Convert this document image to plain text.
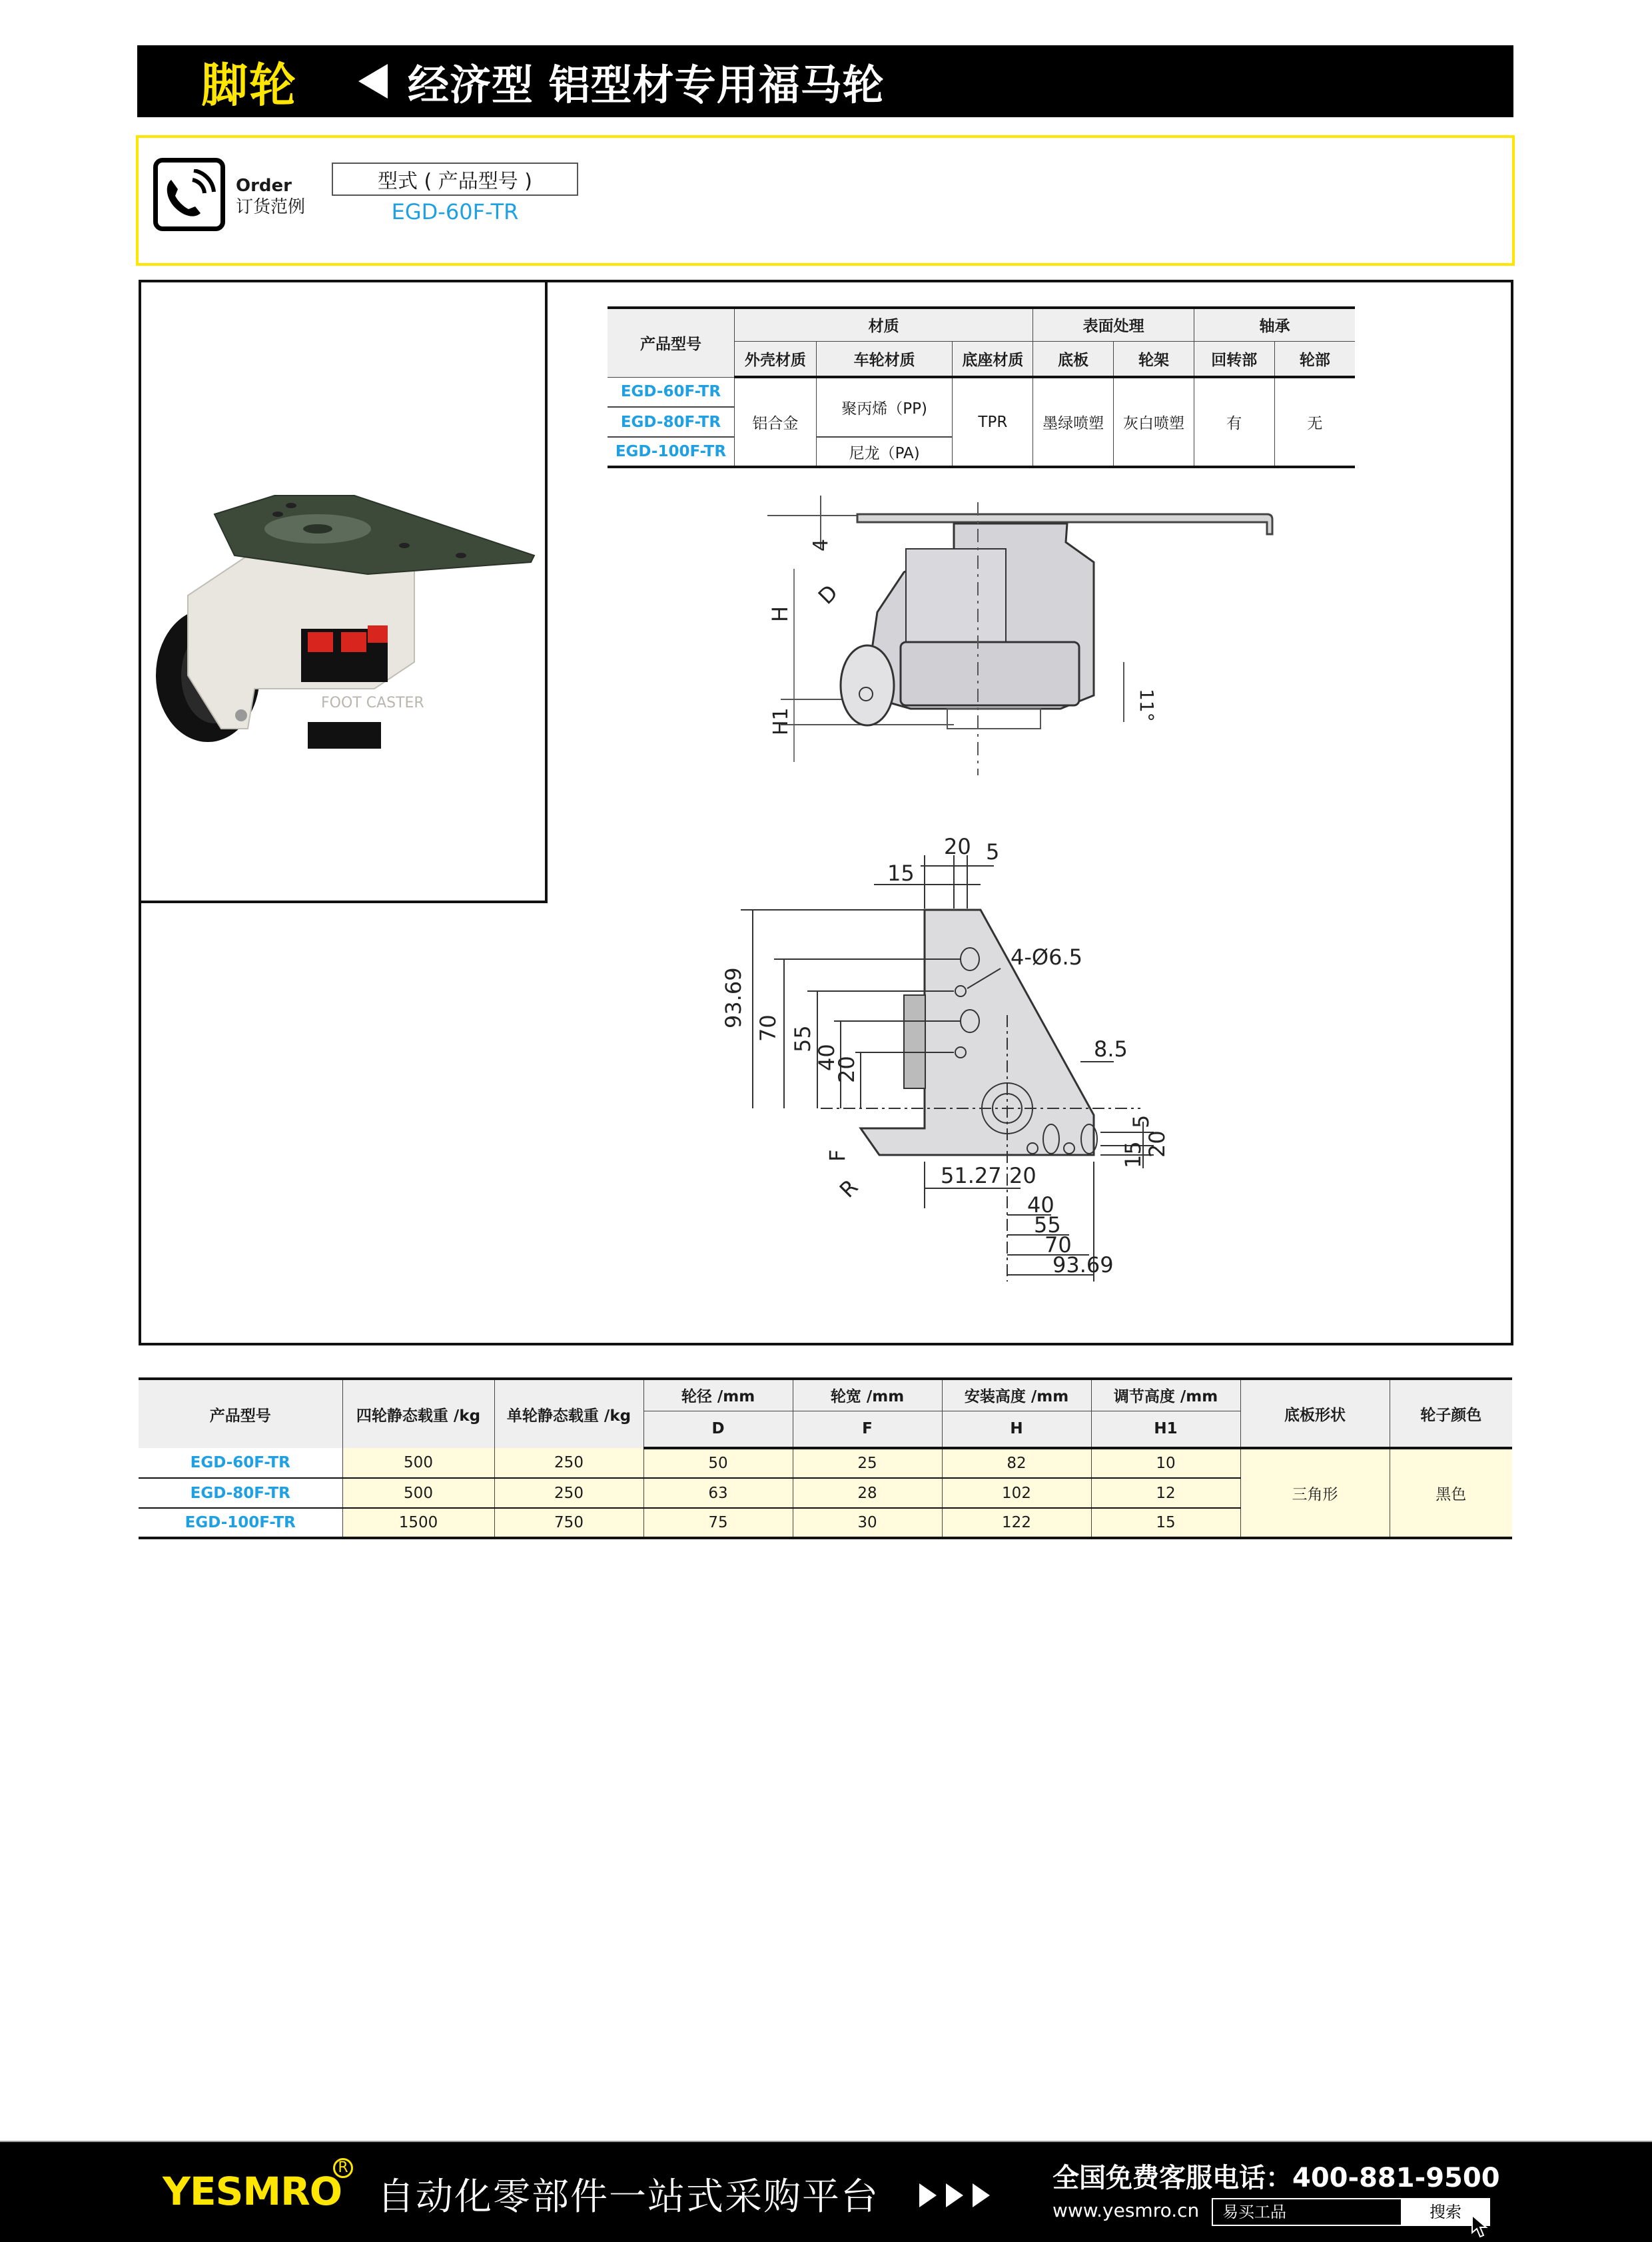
脚轮	经济型 铝型材专用福马轮
Order
订货范例
型式 ( 产品型号 )
EGD-60F-TR
FOOT CASTER
产品型号	材质			表面处理		轴承	
	外壳材质	车轮材质	底座材质	底板	轮架	回转部	轮部
EGD-60F-TR	铝合金	聚丙烯（PP)	TPR	墨绿喷塑	灰白喷塑	有	无
EGD-80F-TR							
EGD-100F-TR		尼龙（PA)					
4
H
D
H1	11°
20 5
15
4-Ø6.5
8.5
93.69 70 55
40
20
F
R
5
20
15
51.27 20
40
55
70
93.69
产品型号	四轮静态载重 /kg	单轮静态载重 /kg	轮径 /mm	轮宽 /mm	安装高度 /mm	调节高度 /mm	底板形状	轮子颜色
			D	F	H	H1		
EGD-60F-TR	500	250	50	25	82	10	三角形	黑色
EGD-80F-TR	500	250	63	28	102	12		
EGD-100F-TR	1500	750	75	30	122	15		
YESMRO
R
自动化零部件一站式采购平台	全国免费客服电话：400-881-9500
www.yesmro.cn	易买工品	搜索
